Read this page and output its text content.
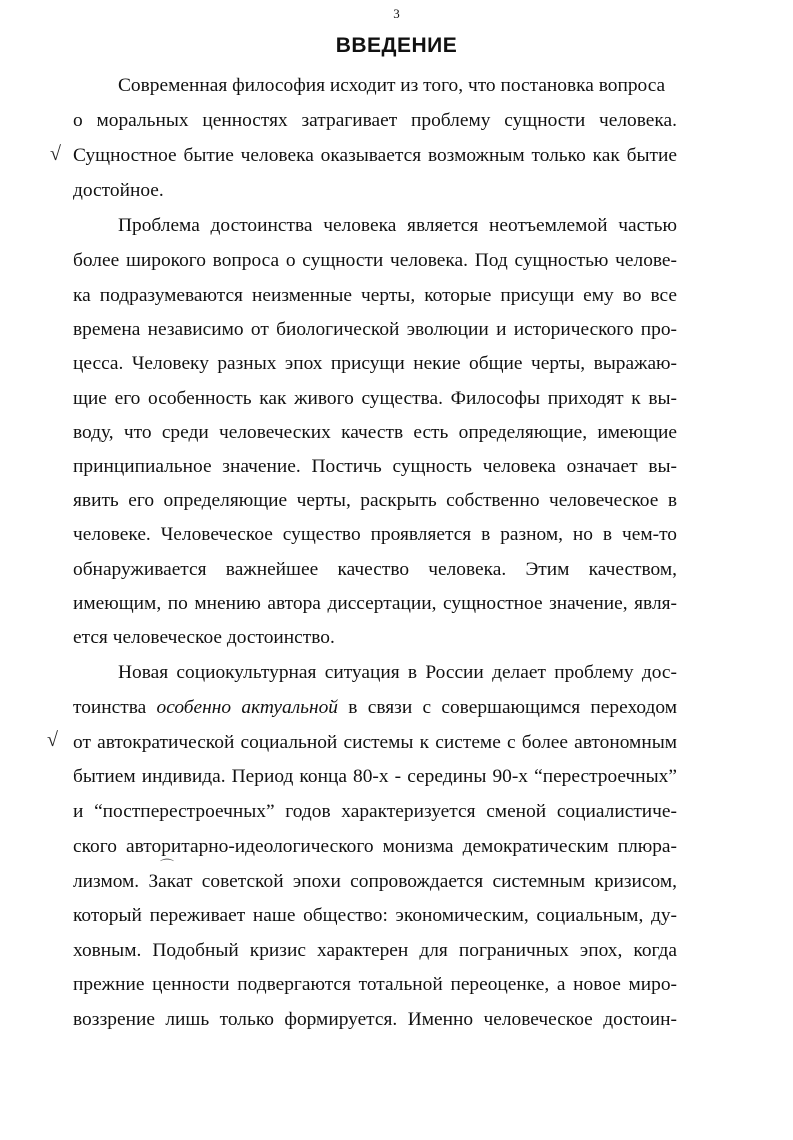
3
ВВЕДЕНИЕ
√
√
⌒
Современная философия исходит из того, что постановка вопроса
о моральных ценностях затрагивает проблему сущности человека.
Сущностное бытие человека оказывается возможным только как бытие
достойное.
Проблема достоинства человека является неотъемлемой частью
более широкого вопроса о сущности человека. Под сущностью челове-
ка подразумеваются неизменные черты, которые присущи ему во все
времена независимо от биологической эволюции и исторического про-
цесса. Человеку разных эпох присущи некие общие черты, выражаю-
щие его особенность как живого существа. Философы приходят к вы-
воду, что среди человеческих качеств есть определяющие, имеющие
принципиальное значение. Постичь сущность человека означает вы-
явить его определяющие черты, раскрыть собственно человеческое в
человеке. Человеческое существо проявляется в разном, но в чем-то
обнаруживается важнейшее качество человека. Этим качеством,
имеющим, по мнению автора диссертации, сущностное значение, явля-
ется человеческое достоинство.
Новая социокультурная ситуация в России делает проблему дос-
тоинства особенно актуальной в связи с совершающимся переходом
от автократической социальной системы к системе с более автономным
бытием индивида. Период конца 80-х - середины 90-х “перестроечных”
и “постперестроечных” годов характеризуется сменой социалистиче-
ского авторитарно-идеологического монизма демократическим плюра-
лизмом. Закат советской эпохи сопровождается системным кризисом,
который переживает наше общество: экономическим, социальным, ду-
ховным. Подобный кризис характерен для пограничных эпох, когда
прежние ценности подвергаются тотальной переоценке, а новое миро-
воззрение лишь только формируется. Именно человеческое достоин-
